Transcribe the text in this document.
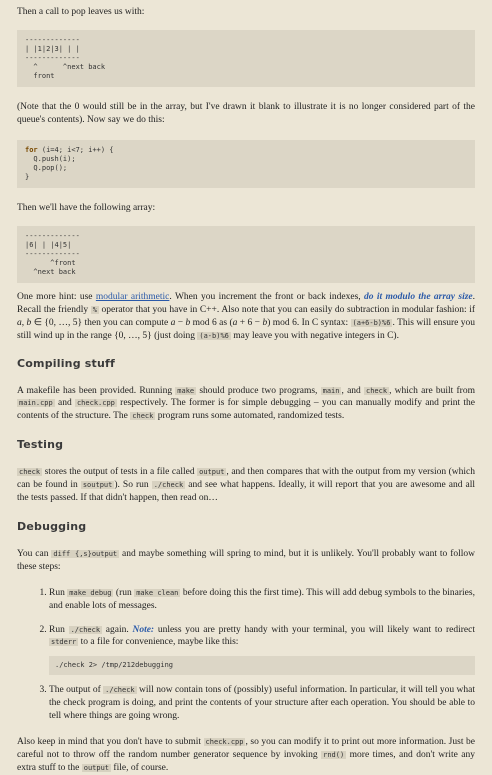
Then a call to pop leaves us with:

-------------
| |1|2|3| | |
-------------
^      ^next back
front

(Note that the 0 would still be in the array, but I've drawn it blank to illustrate it is no longer considered part of the queue's contents). Now say we do this:

for (i=4; i<7; i++) {
Q.push(i);
Q.pop();
}

Then we'll have the following array:

-------------
|6| | |4|5|
-------------
^front
^next back

One more hint: use modular arithmetic. When you increment the front or back indexes, do it modulo the array size. Recall the friendly % operator that you have in C++. Also note that you can easily do subtraction in modular fashion: if a, b ∈ {0, …, 5} then you can compute a − b mod 6 as (a + 6 − b) mod 6. In C syntax: (a+6-b)%6 . This will ensure you still wind up in the range {0, …, 5} (just doing (a-b)%6 may leave you with negative integers in C).

Compiling stuff

A makefile has been provided. Running make should produce two programs, main , and check , which are built from main.cpp and check.cpp respectively. The former is for simple debugging – you can manually modify and print the contents of the structure. The check program runs some automated, randomized tests.

Testing

check stores the output of tests in a file called output , and then compares that with the output from my version (which can be found in soutput ). So run ./check and see what happens. Ideally, it will report that you are awesome and all the tests passed. If that didn't happen, then read on…

Debugging

You can diff {,s}output and maybe something will spring to mind, but it is unlikely. You'll probably want to follow these steps:

1. Run make debug (run make clean before doing this the first time). This will add debug symbols to the binaries, and enable lots of messages.
2. Run ./check again. Note: unless you are pretty handy with your terminal, you will likely want to redirect stderr to a file for convenience, maybe like this:
./check 2> /tmp/212debugging
3. The output of ./check will now contain tons of (possibly) useful information. In particular, it will tell you what the check program is doing, and print the contents of your structure after each operation. You should be able to tell where things are going wrong.

Also keep in mind that you don't have to submit check.cpp , so you can modify it to print out more information. Just be careful not to throw off the random number generator sequence by invoking rnd() more times, and don't write any extra stuff to the output file, of course.
